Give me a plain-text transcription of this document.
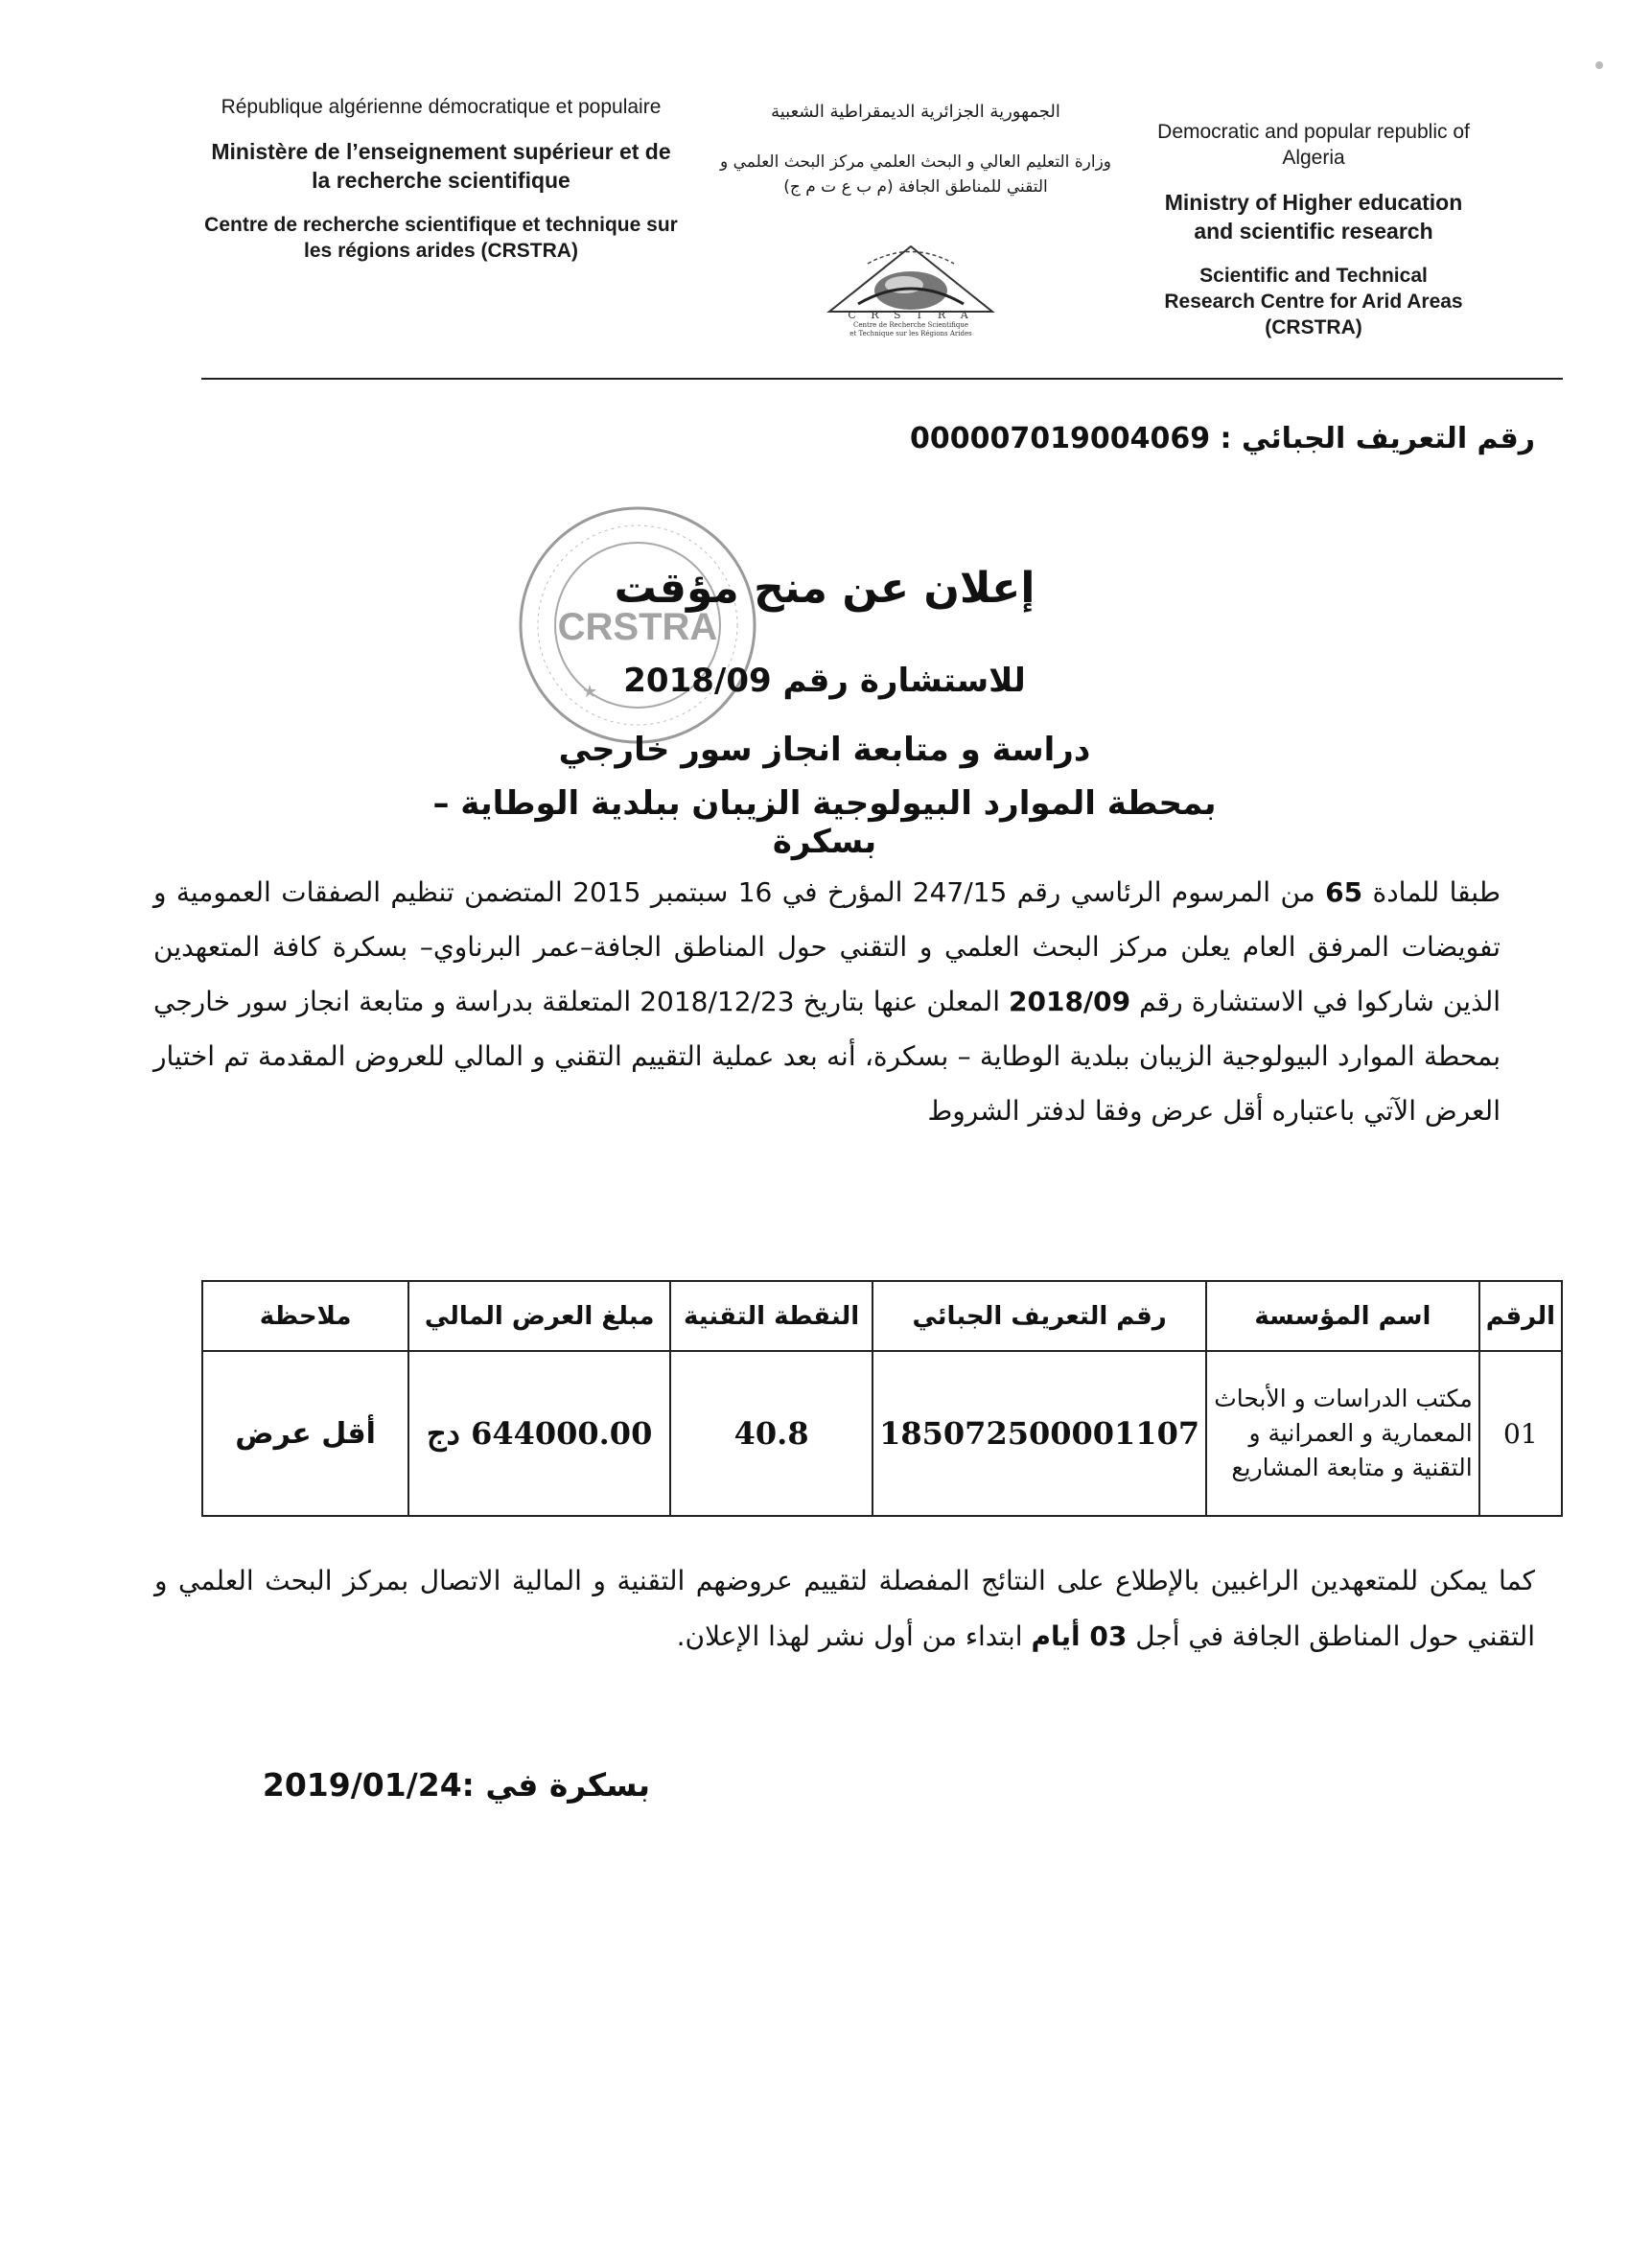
République algérienne démocratique et populaire
Ministère de l’enseignement supérieur et de la recherche scientifique
Centre de recherche scientifique et technique sur les régions arides (CRSTRA)
الجمهورية الجزائرية الديمقراطية الشعبية
وزارة التعليم العالي و البحث العلمي مركز البحث العلمي و التقني للمناطق الجافة (م ب ع ت م ج)
Democratic and popular republic of Algeria
Ministry of Higher education and scientific research
Scientific and Technical Research Centre for Arid Areas (CRSTRA)
C R S T R A
Centre de Recherche Scientifique
et Technique sur les Régions Arides
رقم التعريف الجبائي : 000007019004069
CRSTRA
★
إعلان عن منح مؤقت
للاستشارة رقم 2018/09
دراسة و متابعة انجاز سور خارجي
بمحطة الموارد البيولوجية الزيبان ببلدية الوطاية – بسكرة
طبقا للمادة 65 من المرسوم الرئاسي رقم 247/15 المؤرخ في 16 سبتمبر 2015 المتضمن تنظيم الصفقات العمومية و تفويضات المرفق العام يعلن مركز البحث العلمي و التقني حول المناطق الجافة–عمر البرناوي– بسكرة كافة المتعهدين الذين شاركوا في الاستشارة رقم 2018/09 المعلن عنها بتاريخ 2018/12/23 المتعلقة بدراسة و متابعة انجاز سور خارجي بمحطة الموارد البيولوجية الزيبان ببلدية الوطاية – بسكرة، أنه بعد عملية التقييم التقني و المالي للعروض المقدمة تم اختيار العرض الآتي باعتباره أقل عرض وفقا لدفتر الشروط
الرقم	اسم المؤسسة	رقم التعريف الجبائي	النقطة التقنية	مبلغ العرض المالي	ملاحظة
01	مكتب الدراسات و الأبحاث المعمارية و العمرانية و التقنية و متابعة المشاريع	185072500001107	40.8	644000.00 دج	أقل عرض
كما يمكن للمتعهدين الراغبين بالإطلاع على النتائج المفصلة لتقييم عروضهم التقنية و المالية الاتصال بمركز البحث العلمي و التقني حول المناطق الجافة في أجل 03 أيام ابتداء من أول نشر لهذا الإعلان.
بسكرة في :2019/01/24
